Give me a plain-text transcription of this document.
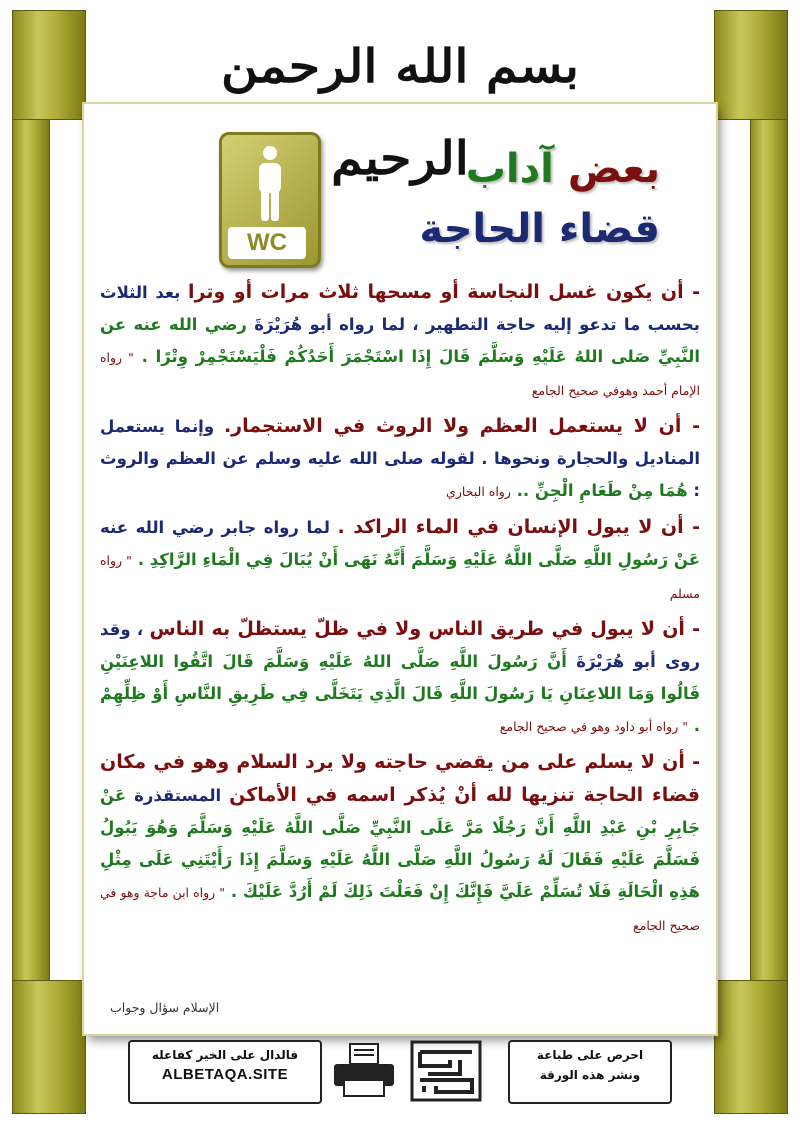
بسم الله الرحمن الرحيم
WC
بعض آداب
قضاء الحاجة

- أن يكون غسل النجاسة أو مسحها ثلاث مرات أو وترا بعد الثلاث بحسب ما تدعو إليه حاجة التطهير ، لما رواه أبو هُرَيْرَةَ رضي الله عنه عن النَّبِيِّ صَلى اللهُ عَلَيْهِ وَسَلَّمَ قَالَ إِذَا اسْتَجْمَرَ أَحَدُكُمْ فَلْيَسْتَجْمِرْ وِتْرًا . " رواه الإمام أحمد وهوفي صحيح الجامع

- أن لا يستعمل العظم ولا الروث في الاستجمار. وإنما يستعمل المناديل والحجارة ونحوها . لقوله صلى الله عليه وسلم عن العظم والروث : هُمَا مِنْ طَعَامِ الْجِنِّ .. رواه البخاري

- أن لا يبول الإنسان في الماء الراكد . لما رواه جابر رضي الله عنه عَنْ رَسُولِ اللَّهِ صَلَّى اللَّهُ عَلَيْهِ وَسَلَّمَ أَنَّهُ نَهَى أَنْ يُبَالَ فِي الْمَاءِ الرَّاكِدِ . " رواه مسلم

- أن لا يبول في طريق الناس ولا في ظلّ يستظلّ به الناس ، وقد روى أبو هُرَيْرَةَ أَنَّ رَسُولَ اللَّهِ صَلَّى اللهُ عَلَيْهِ وَسَلَّمَ قَالَ اتَّقُوا اللاعِنَيْنِ قَالُوا وَمَا اللاعِنَانِ يَا رَسُولَ اللَّهِ قَالَ الَّذِي يَتَخَلَّى فِي طَرِيقِ النَّاسِ أَوْ ظِلِّهِمْ . " رواه أبو داود وهو في صحيح الجامع

- أن لا يسلم على من يقضي حاجته ولا يرد السلام وهو في مكان قضاء الحاجة تنزيها لله أنْ يُذكر اسمه في الأماكن المستقذرة عَنْ جَابِرِ بْنِ عَبْدِ اللَّهِ أَنَّ رَجُلًا مَرَّ عَلَى النَّبِيِّ صَلَّى اللَّهُ عَلَيْهِ وَسَلَّمَ وَهُوَ يَبُولُ فَسَلَّمَ عَلَيْهِ فَقَالَ لَهُ رَسُولُ اللَّهِ صَلَّى اللَّهُ عَلَيْهِ وَسَلَّمَ إِذَا رَأَيْتَنِي عَلَى مِثْلِ هَذِهِ الْحَالَةِ فَلَا تُسَلِّمْ عَلَيَّ فَإِنَّكَ إِنْ فَعَلْتَ ذَلِكَ لَمْ أَرُدَّ عَلَيْكَ . " رواه ابن ماجة وهو في صحيح الجامع

الإسلام سؤال وجواب
فالدال على الخير كفاعله
ALBETAQA.SITE
احرص على طباعة
ونشر هذه الورقة
